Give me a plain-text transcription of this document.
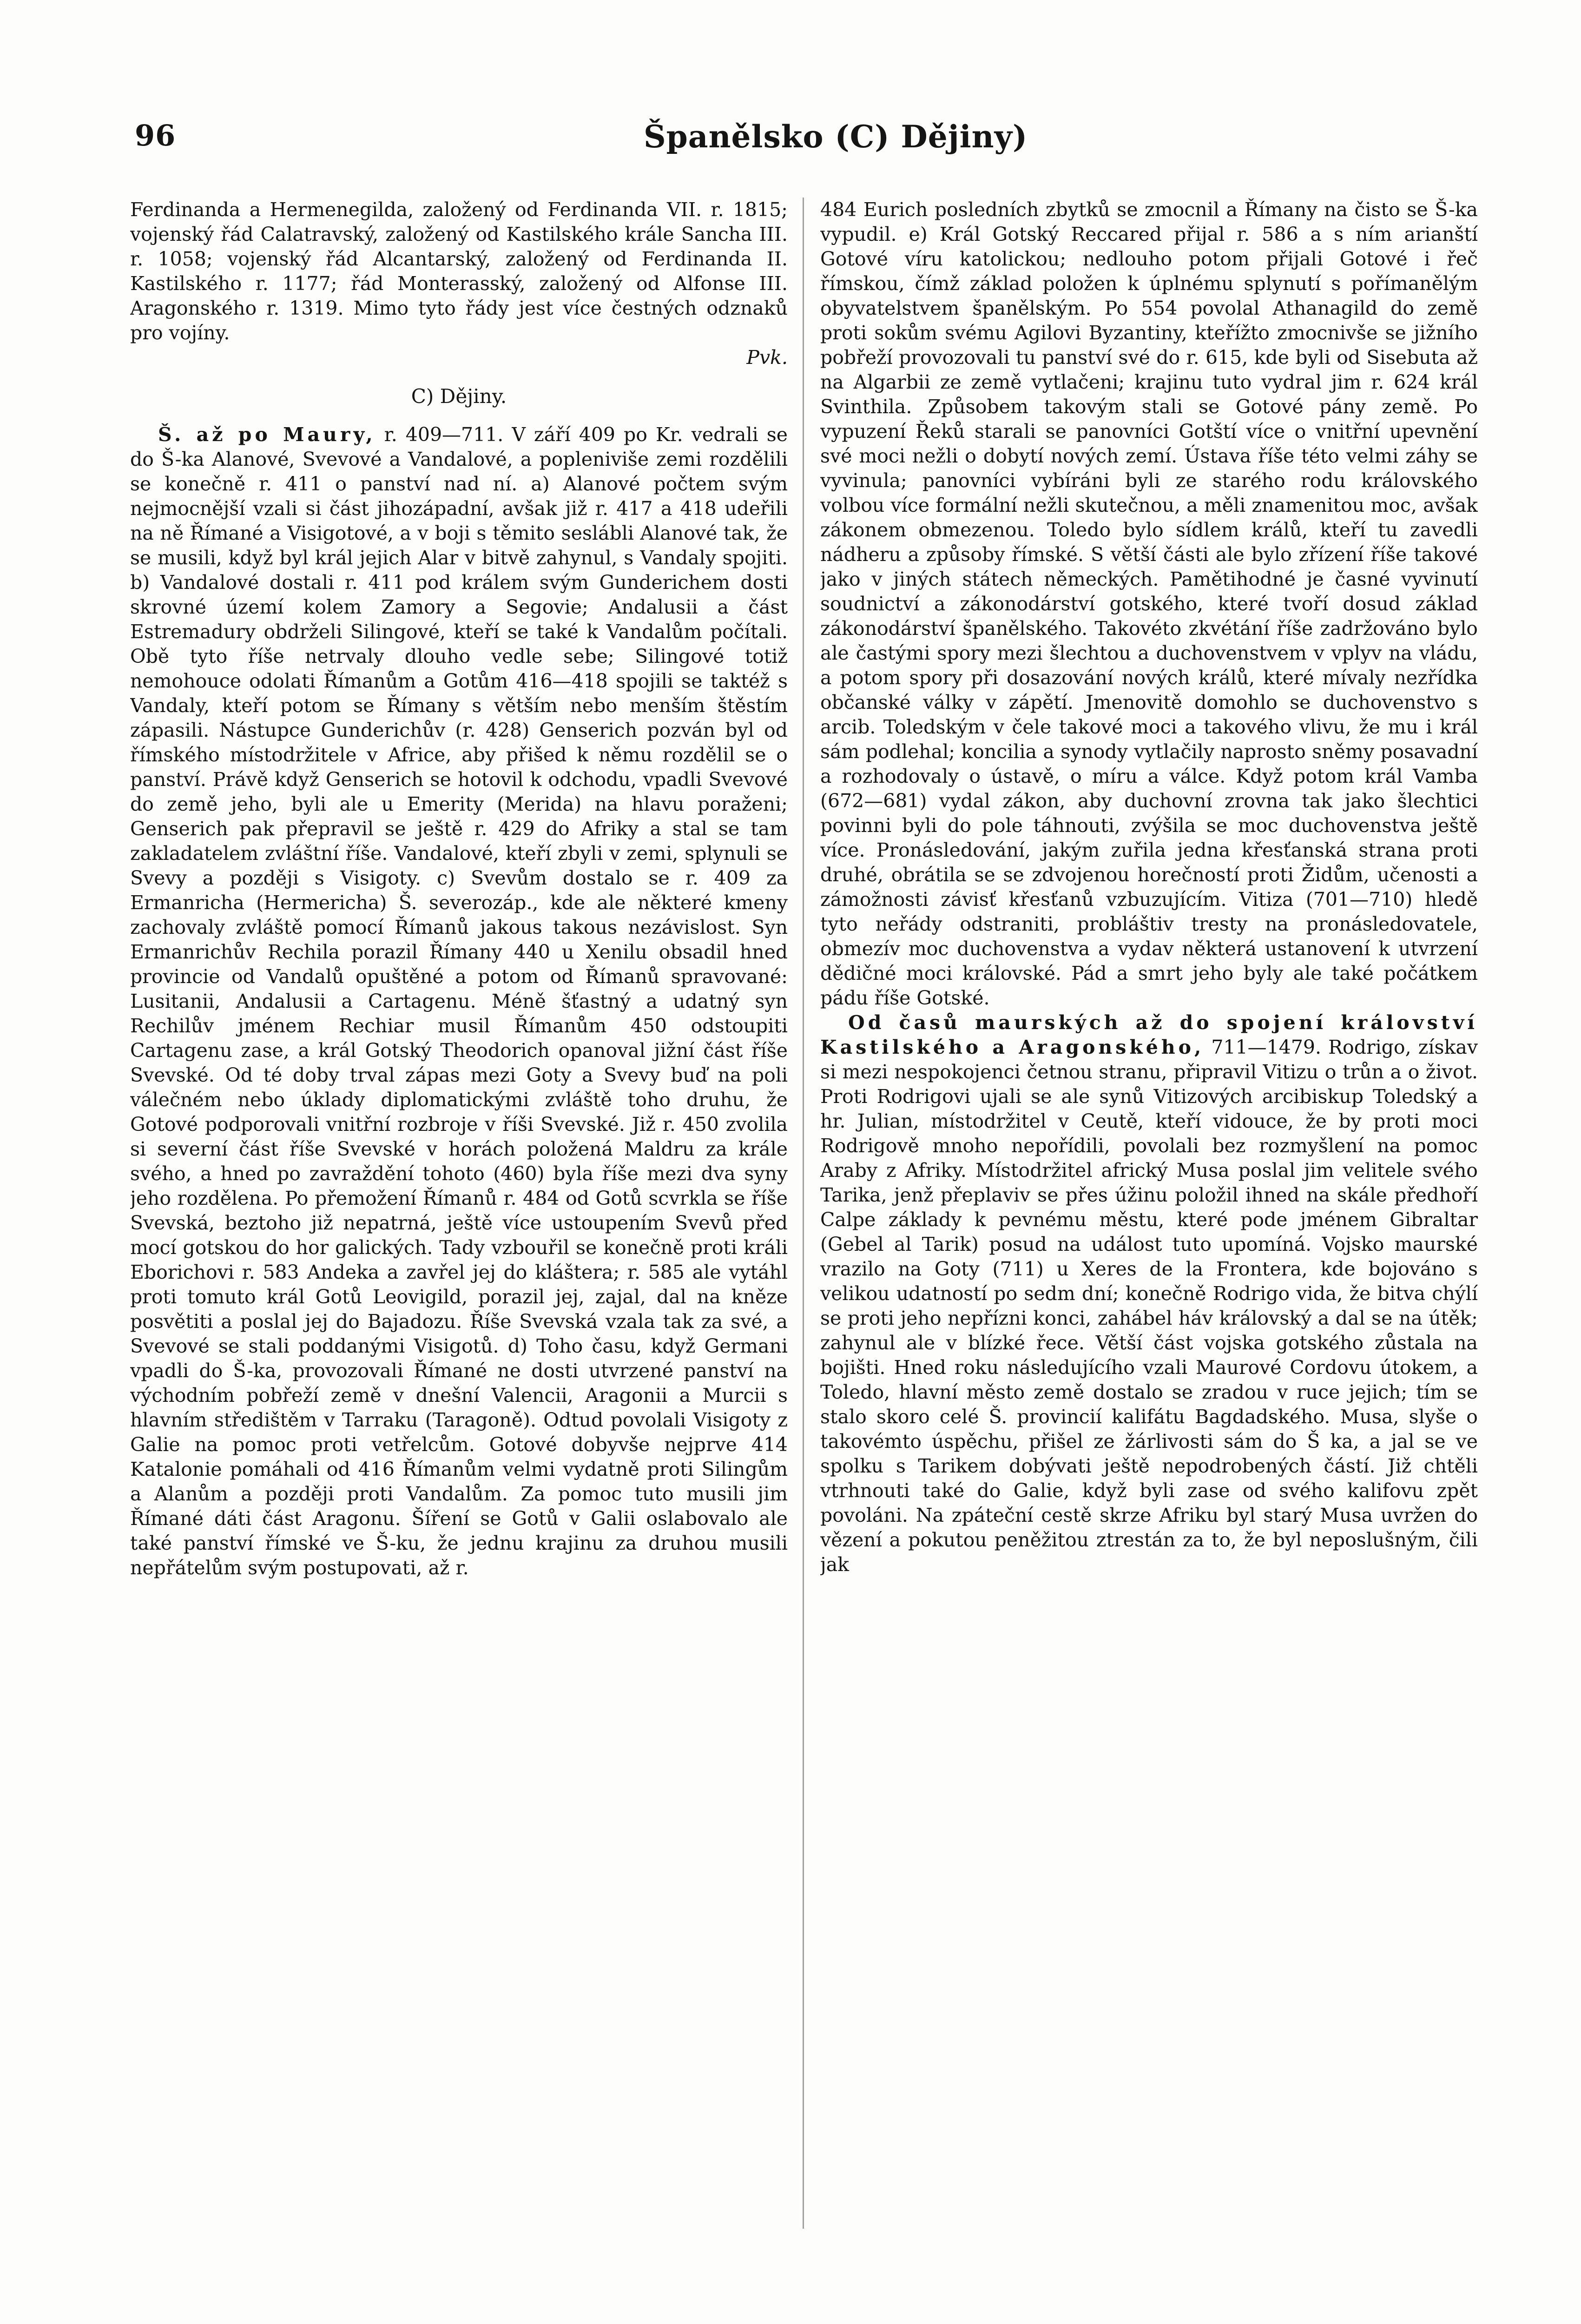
96	Španělsko (C) Dějiny)

Ferdinanda a Hermenegilda, založený od Ferdinanda VII. r. 1815; vojenský řád Calatravský, založený od Kastilského krále Sancha III. r. 1058; vojenský řád Alcantarský, založený od Ferdinanda II. Kastilského r. 1177; řád Monterasský, založený od Alfonse III. Aragonského r. 1319. Mimo tyto řády jest více čestných odznaků pro vojíny.

Pvk.

C) Dějiny.

Š. až po Maury, r. 409—711. V září 409 po Kr. vedrali se do Š-ka Alanové, Svevové a Vandalové, a popleniviše zemi rozdělili se konečně r. 411 o panství nad ní. a) Alanové počtem svým nejmocnější vzali si část jihozápadní, avšak již r. 417 a 418 udeřili na ně Římané a Visigotové, a v boji s těmito seslábli Alanové tak, že se musili, když byl král jejich Alar v bitvě zahynul, s Vandaly spojiti. b) Vandalové dostali r. 411 pod králem svým Gunderichem dosti skrovné území kolem Zamory a Segovie; Andalusii a část Estremadury obdrželi Silingové, kteří se také k Vandalům počítali. Obě tyto říše netrvaly dlouho vedle sebe; Silingové totiž nemohouce odolati Římanům a Gotům 416—418 spojili se taktéž s Vandaly, kteří potom se Římany s větším nebo menším štěstím zápasili. Nástupce Gunderichův (r. 428) Genserich pozván byl od římského místodržitele v Africe, aby přišed k němu rozdělil se o panství. Právě když Genserich se hotovil k odchodu, vpadli Svevové do země jeho, byli ale u Emerity (Merida) na hlavu poraženi; Genserich pak přepravil se ještě r. 429 do Afriky a stal se tam zakladatelem zvláštní říše. Vandalové, kteří zbyli v zemi, splynuli se Svevy a později s Visigoty. c) Svevům dostalo se r. 409 za Ermanricha (Hermericha) Š. severozáp., kde ale některé kmeny zachovaly zvláště pomocí Římanů jakous takous nezávislost. Syn Ermanrichův Rechila porazil Římany 440 u Xenilu obsadil hned provincie od Vandalů opuštěné a potom od Římanů spravované: Lusitanii, Andalusii a Cartagenu. Méně šťastný a udatný syn Rechilův jménem Rechiar musil Římanům 450 odstoupiti Cartagenu zase, a král Gotský Theodorich opanoval jižní část říše Svevské. Od té doby trval zápas mezi Goty a Svevy buď na poli válečném nebo úklady diplomatickými zvláště toho druhu, že Gotové podporovali vnitřní rozbroje v říši Svevské. Již r. 450 zvolila si severní část říše Svevské v horách položená Maldru za krále svého, a hned po zavraždění tohoto (460) byla říše mezi dva syny jeho rozdělena. Po přemožení Římanů r. 484 od Gotů scvrkla se říše Svevská, beztoho již nepatrná, ještě více ustoupením Svevů před mocí gotskou do hor galických. Tady vzbouřil se konečně proti králi Eborichovi r. 583 Andeka a zavřel jej do kláštera; r. 585 ale vytáhl proti tomuto král Gotů Leovigild, porazil jej, zajal, dal na kněze posvětiti a poslal jej do Bajadozu. Říše Svevská vzala tak za své, a Svevové se stali poddanými Visigotů. d) Toho času, když Germani vpadli do Š-ka, provozovali Římané ne dosti utvrzené panství na východním pobřeží země v dnešní Valencii, Aragonii a Murcii s hlavním středištěm v Tarraku (Taragoně). Odtud povolali Visigoty z Galie na pomoc proti vetřelcům. Gotové dobyvše nejprve 414 Katalonie pomáhali od 416 Římanům velmi vydatně proti Silingům a Alanům a později proti Vandalům. Za pomoc tuto musili jim Římané dáti část Aragonu. Šíření se Gotů v Galii oslabovalo ale také panství římské ve Š-ku, že jednu krajinu za druhou musili nepřátelům svým postupovati, až r.

484 Eurich posledních zbytků se zmocnil a Římany na čisto se Š-ka vypudil. e) Král Gotský Reccared přijal r. 586 a s ním arianští Gotové víru katolickou; nedlouho potom přijali Gotové i řeč římskou, čímž základ položen k úplnému splynutí s pořímanělým obyvatelstvem španělským. Po 554 povolal Athanagild do země proti sokům svému Agilovi Byzantiny, kteřížto zmocnivše se jižního pobřeží provozovali tu panství své do r. 615, kde byli od Sisebuta až na Algarbii ze země vytlačeni; krajinu tuto vydral jim r. 624 král Svinthila. Způsobem takovým stali se Gotové pány země. Po vypuzení Řeků starali se panovníci Gotští více o vnitřní upevnění své moci nežli o dobytí nových zemí. Ústava říše této velmi záhy se vyvinula; panovníci vybíráni byli ze starého rodu královského volbou více formální nežli skutečnou, a měli znamenitou moc, avšak zákonem obmezenou. Toledo bylo sídlem králů, kteří tu zavedli nádheru a způsoby římské. S větší části ale bylo zřízení říše takové jako v jiných státech německých. Pamětihodné je časné vyvinutí soudnictví a zákonodárství gotského, které tvoří dosud základ zákonodárství španělského. Takovéto zkvétání říše zadržováno bylo ale častými spory mezi šlechtou a duchovenstvem v vplyv na vládu, a potom spory při dosazování nových králů, které mívaly nezřídka občanské války v zápětí. Jmenovitě domohlo se duchovenstvo s arcib. Toledským v čele takové moci a takového vlivu, že mu i král sám podlehal; koncilia a synody vytlačily naprosto sněmy posavadní a rozhodovaly o ústavě, o míru a válce. Když potom král Vamba (672—681) vydal zákon, aby duchovní zrovna tak jako šlechtici povinni byli do pole táhnouti, zvýšila se moc duchovenstva ještě více. Pronásledování, jakým zuřila jedna křesťanská strana proti druhé, obrátila se se zdvojenou horečností proti Židům, učenosti a zámožnosti závisť křesťanů vzbuzujícím. Vitiza (701—710) hledě tyto neřády odstraniti, probláštiv tresty na pronásledovatele, obmezív moc duchovenstva a vydav některá ustanovení k utvrzení dědičné moci královské. Pád a smrt jeho byly ale také počátkem pádu říše Gotské.

Od časů maurských až do spojení království Kastilského a Aragonského, 711—1479. Rodrigo, získav si mezi nespokojenci četnou stranu, připravil Vitizu o trůn a o život. Proti Rodrigovi ujali se ale synů Vitizových arcibiskup Toledský a hr. Julian, místodržitel v Ceutě, kteří vidouce, že by proti moci Rodrigově mnoho nepořídili, povolali bez rozmyšlení na pomoc Araby z Afriky. Místodržitel africký Musa poslal jim velitele svého Tarika, jenž přeplaviv se přes úžinu položil ihned na skále předhoří Calpe základy k pevnému městu, které pode jménem Gibraltar (Gebel al Tarik) posud na událost tuto upomíná. Vojsko maurské vrazilo na Goty (711) u Xeres de la Frontera, kde bojováno s velikou udatností po sedm dní; konečně Rodrigo vida, že bitva chýlí se proti jeho nepřízni konci, zahábel háv královský a dal se na útěk; zahynul ale v blízké řece. Větší část vojska gotského zůstala na bojišti. Hned roku následujícího vzali Maurové Cordovu útokem, a Toledo, hlavní město země dostalo se zradou v ruce jejich; tím se stalo skoro celé Š. provincií kalifátu Bagdadského. Musa, slyše o takovémto úspěchu, přišel ze žárlivosti sám do Š ka, a jal se ve spolku s Tarikem dobývati ještě nepodrobených částí. Již chtěli vtrhnouti také do Galie, když byli zase od svého kalifovu zpět povoláni. Na zpáteční cestě skrze Afriku byl starý Musa uvržen do vězení a pokutou peněžitou ztrestán za to, že byl neposlušným, čili jak
